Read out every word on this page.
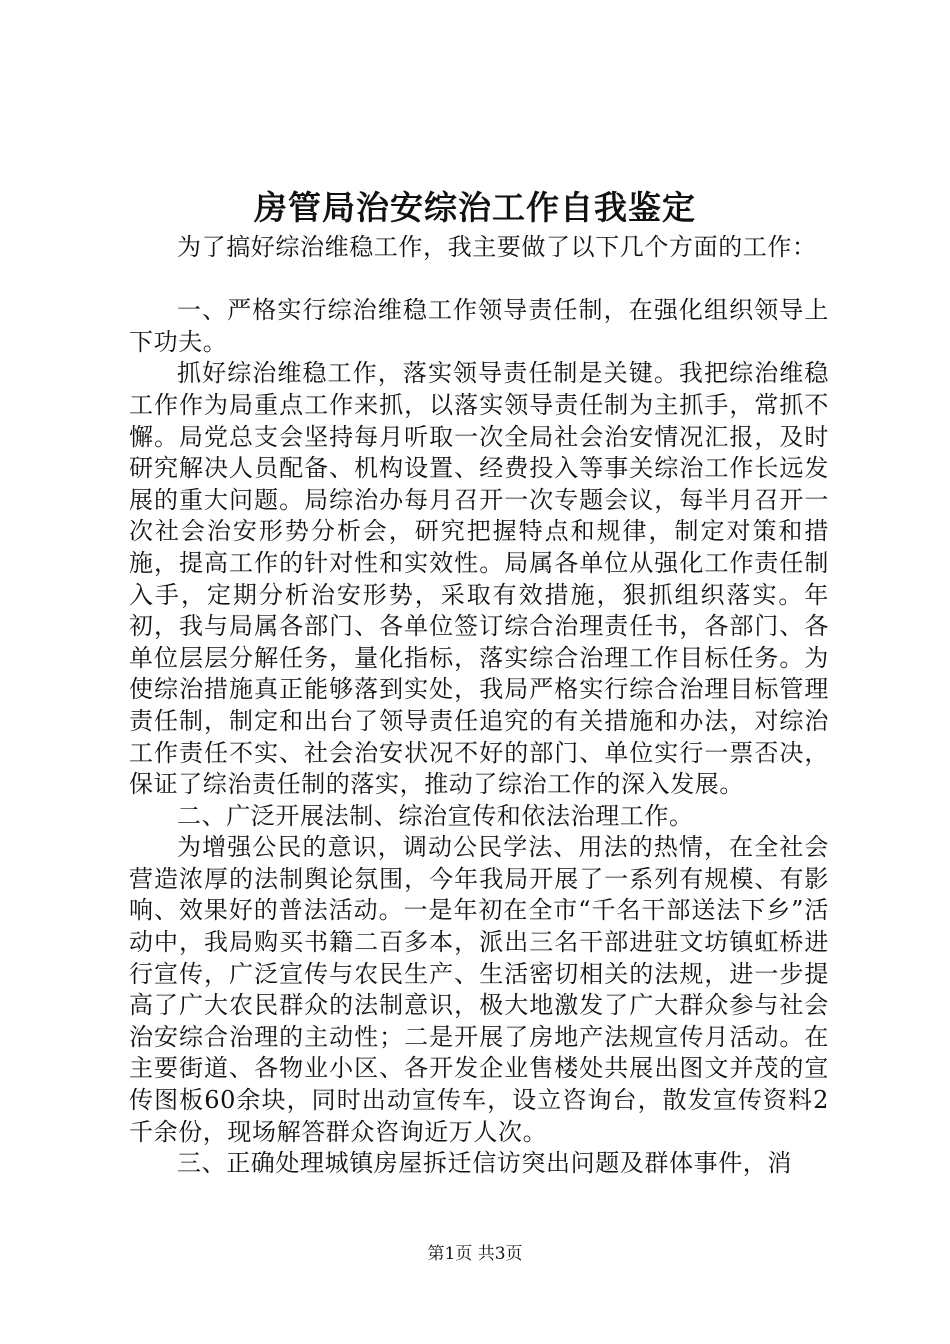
房管局治安综治工作自我鉴定

为了搞好综治维稳工作，我主要做了以下几个方面的工作：

一、严格实行综治维稳工作领导责任制，在强化组织领导上下功夫。

抓好综治维稳工作，落实领导责任制是关键。我把综治维稳工作作为局重点工作来抓，以落实领导责任制为主抓手，常抓不懈。局党总支会坚持每月听取一次全局社会治安情况汇报，及时研究解决人员配备、机构设置、经费投入等事关综治工作长远发展的重大问题。局综治办每月召开一次专题会议，每半月召开一次社会治安形势分析会，研究把握特点和规律，制定对策和措施，提高工作的针对性和实效性。局属各单位从强化工作责任制入手，定期分析治安形势，采取有效措施，狠抓组织落实。年初，我与局属各部门、各单位签订综合治理责任书，各部门、各单位层层分解任务，量化指标，落实综合治理工作目标任务。为使综治措施真正能够落到实处，我局严格实行综合治理目标管理责任制，制定和出台了领导责任追究的有关措施和办法，对综治工作责任不实、社会治安状况不好的部门、单位实行一票否决，保证了综治责任制的落实，推动了综治工作的深入发展。

二、广泛开展法制、综治宣传和依法治理工作。

为增强公民的意识，调动公民学法、用法的热情，在全社会营造浓厚的法制舆论氛围，今年我局开展了一系列有规模、有影响、效果好的普法活动。一是年初在全市“千名干部送法下乡”活动中，我局购买书籍二百多本，派出三名干部进驻文坊镇虹桥进行宣传，广泛宣传与农民生产、生活密切相关的法规，进一步提高了广大农民群众的法制意识，极大地激发了广大群众参与社会治安综合治理的主动性；二是开展了房地产法规宣传月活动。在主要街道、各物业小区、各开发企业售楼处共展出图文并茂的宣传图板60余块，同时出动宣传车，设立咨询台，散发宣传资料2千余份，现场解答群众咨询近万人次。

三、正确处理城镇房屋拆迁信访突出问题及群体事件，消

第1页 共3页
